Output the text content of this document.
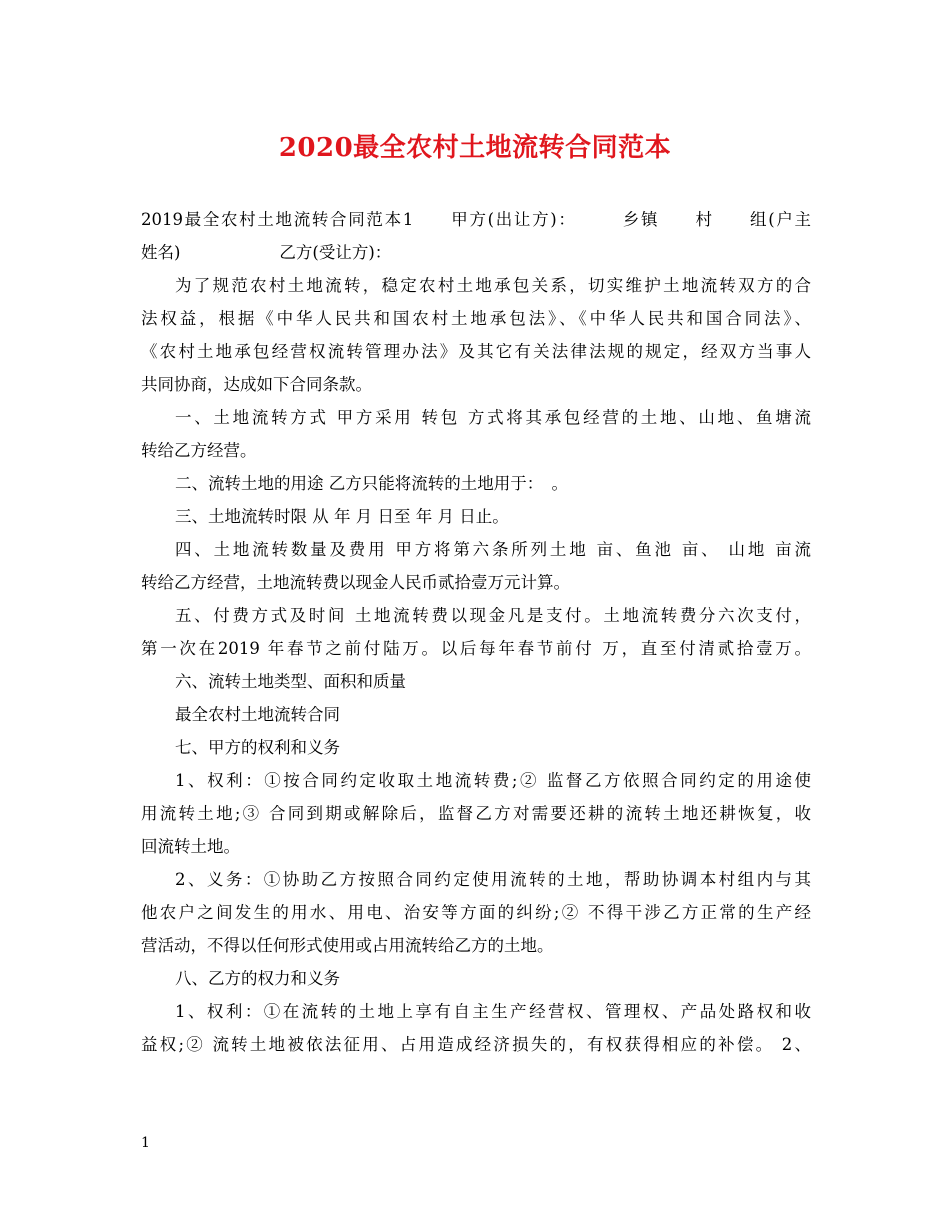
2020最全农村土地流转合同范本
2019最全农村土地流转合同范本1　　甲方(出让方)：　　　乡镇　　村　　组(户主
姓名)　　　　　　乙方(受让方)：
为了规范农村土地流转，稳定农村土地承包关系，切实维护土地流转双方的合
法权益，根据《中华人民共和国农村土地承包法》、《中华人民共和国合同法》、
《农村土地承包经营权流转管理办法》及其它有关法律法规的规定，经双方当事人
共同协商，达成如下合同条款。
一、土地流转方式 甲方采用 转包 方式将其承包经营的土地、山地、鱼塘流
转给乙方经营。
二、流转土地的用途 乙方只能将流转的土地用于：　。
三、土地流转时限 从 年 月 日至 年 月 日止。
四、土地流转数量及费用 甲方将第六条所列土地 亩、鱼池 亩、 山地 亩流
转给乙方经营，土地流转费以现金人民币贰拾壹万元计算。
五、付费方式及时间 土地流转费以现金凡是支付。土地流转费分六次支付，
第一次在2019 年春节之前付陆万。以后每年春节前付 万，直至付清贰拾壹万。
六、流转土地类型、面积和质量
最全农村土地流转合同
七、甲方的权利和义务
1、权利：①按合同约定收取土地流转费;② 监督乙方依照合同约定的用途使
用流转土地;③ 合同到期或解除后，监督乙方对需要还耕的流转土地还耕恢复，收
回流转土地。
2、义务：①协助乙方按照合同约定使用流转的土地，帮助协调本村组内与其
他农户之间发生的用水、用电、治安等方面的纠纷;② 不得干涉乙方正常的生产经
营活动，不得以任何形式使用或占用流转给乙方的土地。
八、乙方的权力和义务
1、权利：①在流转的土地上享有自主生产经营权、管理权、产品处路权和收
益权;② 流转土地被依法征用、占用造成经济损失的，有权获得相应的补偿。 2、
1
